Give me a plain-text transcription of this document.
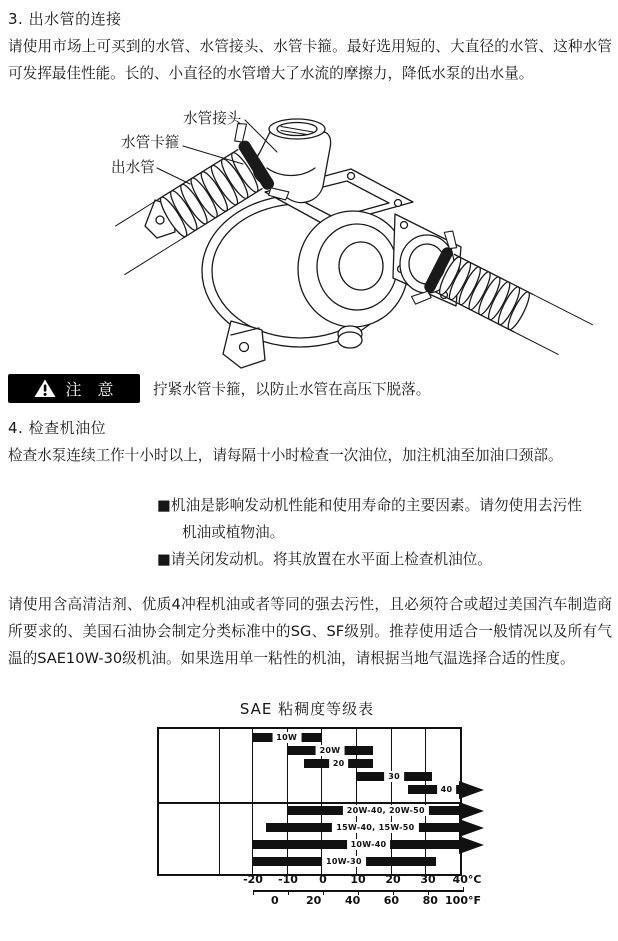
3. 出水管的连接
请使用市场上可买到的水管、水管接头、水管卡箍。最好选用短的、大直径的水管、这种水管可发挥最佳性能。长的、小直径的水管增大了水流的摩擦力，降低水泵的出水量。
水管接头
水管卡箍
出水管
注　意	拧紧水管卡箍，以防止水管在高压下脱落。
4. 检查机油位
检查水泵连续工作十小时以上，请每隔十小时检查一次油位，加注机油至加油口颈部。
■机油是影响发动机性能和使用寿命的主要因素。请勿使用去污性机油或植物油。
■请关闭发动机。将其放置在水平面上检查机油位。
请使用含高清洁剂、优质4冲程机油或者等同的强去污性，且必须符合或超过美国汽车制造商所要求的、美国石油协会制定分类标准中的SG、SF级别。推荐使用适合一般情况以及所有气温的SAE10W-30级机油。如果选用单一粘性的机油，请根据当地气温选择合适的性度。
SAE 粘稠度等级表
10W
20W
20
30
40
20W-40, 20W-50
15W-40, 15W-50
10W-40
10W-30
-20 -10 0 10 20 30 40°C
0 20 40 60 80 100°F
